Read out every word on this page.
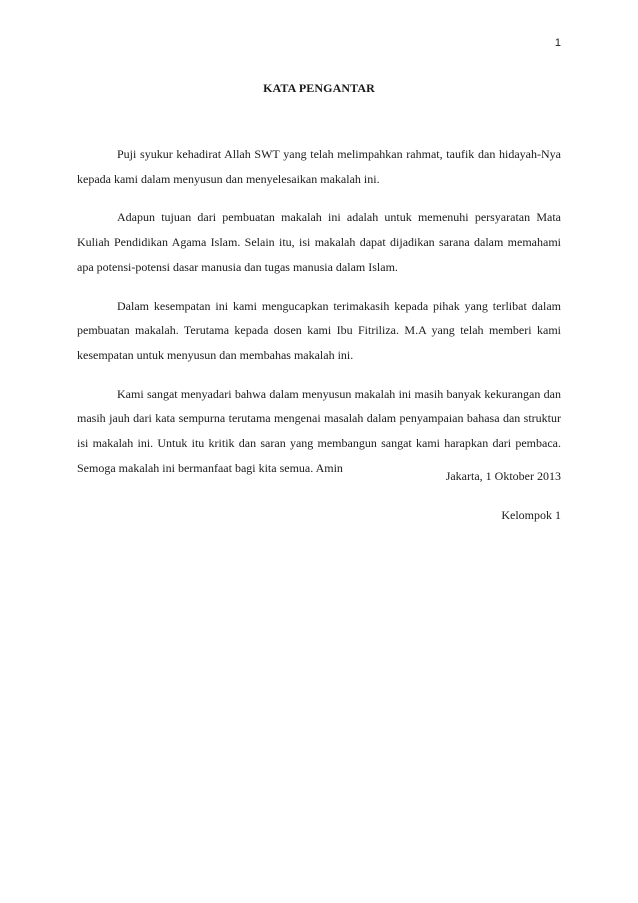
1
KATA PENGANTAR

Puji syukur kehadirat Allah SWT yang telah melimpahkan rahmat, taufik dan hidayah-Nya kepada kami dalam menyusun dan menyelesaikan makalah ini.

Adapun tujuan dari pembuatan makalah ini adalah untuk memenuhi persyaratan Mata Kuliah Pendidikan Agama Islam. Selain itu, isi makalah dapat dijadikan sarana dalam memahami apa potensi-potensi dasar manusia dan tugas manusia dalam Islam.

Dalam kesempatan ini kami mengucapkan terimakasih kepada pihak yang terlibat dalam pembuatan makalah. Terutama kepada dosen kami Ibu Fitriliza. M.A yang telah memberi kami kesempatan untuk menyusun dan membahas makalah ini.

Kami sangat menyadari bahwa dalam menyusun makalah ini masih banyak kekurangan dan masih jauh dari kata sempurna terutama mengenai masalah dalam penyampaian bahasa dan struktur isi makalah ini. Untuk itu kritik dan saran yang membangun sangat kami harapkan dari pembaca. Semoga makalah ini bermanfaat bagi kita semua. Amin

Jakarta, 1 Oktober 2013
Kelompok 1
